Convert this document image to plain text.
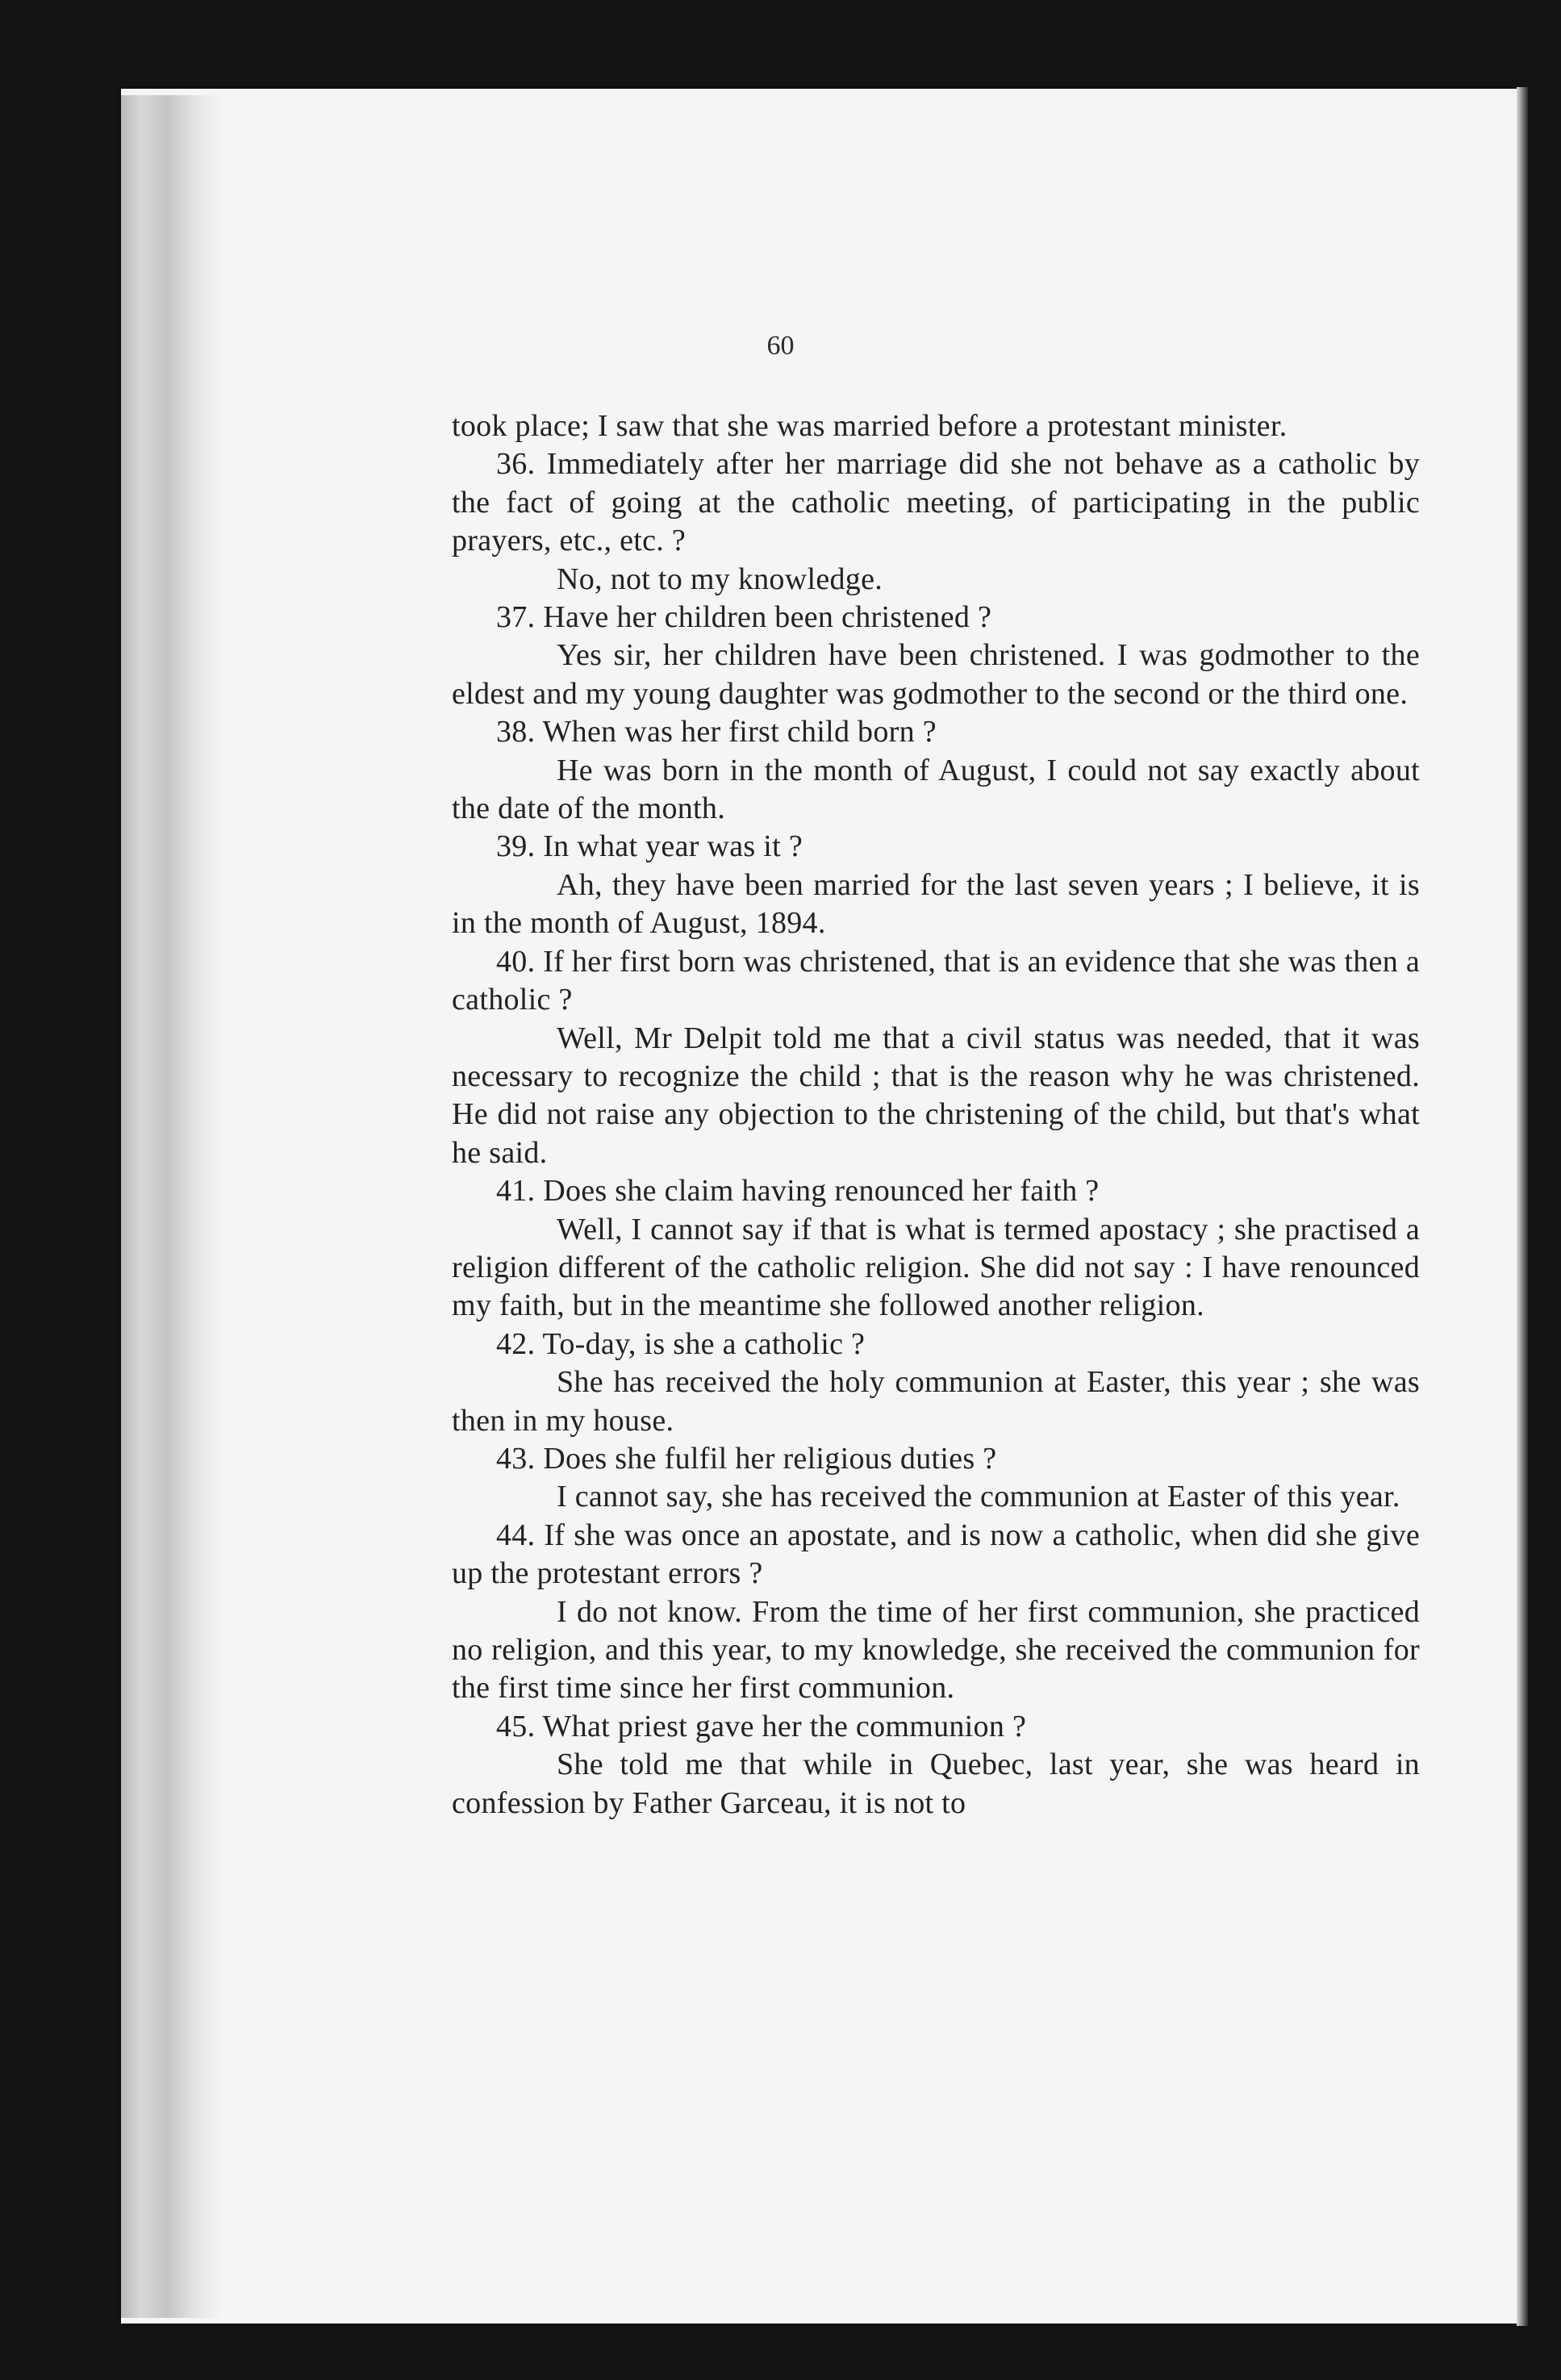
60

took place; I saw that she was married before a protestant minister.

36. Immediately after her marriage did she not behave as a catholic by the fact of going at the catholic meeting, of participating in the public prayers, etc., etc. ?

No, not to my knowledge.

37. Have her children been christened ?

Yes sir, her children have been christened. I was godmother to the eldest and my young daughter was godmother to the second or the third one.

38. When was her first child born ?

He was born in the month of August, I could not say exactly about the date of the month.

39. In what year was it ?

Ah, they have been married for the last seven years ; I believe, it is in the month of August, 1894.

40. If her first born was christened, that is an evidence that she was then a catholic ?

Well, Mr Delpit told me that a civil status was needed, that it was necessary to recognize the child ; that is the reason why he was christened. He did not raise any objection to the christening of the child, but that's what he said.

41. Does she claim having renounced her faith ?

Well, I cannot say if that is what is termed apostacy ; she practised a religion different of the catholic religion. She did not say : I have renounced my faith, but in the meantime she followed another religion.

42. To-day, is she a catholic ?

She has received the holy communion at Easter, this year ; she was then in my house.

43. Does she fulfil her religious duties ?

I cannot say, she has received the communion at Easter of this year.

44. If she was once an apostate, and is now a catholic, when did she give up the protestant errors ?

I do not know. From the time of her first communion, she practiced no religion, and this year, to my knowledge, she received the communion for the first time since her first communion.

45. What priest gave her the communion ?

She told me that while in Quebec, last year, she was heard in confession by Father Garceau, it is not to
